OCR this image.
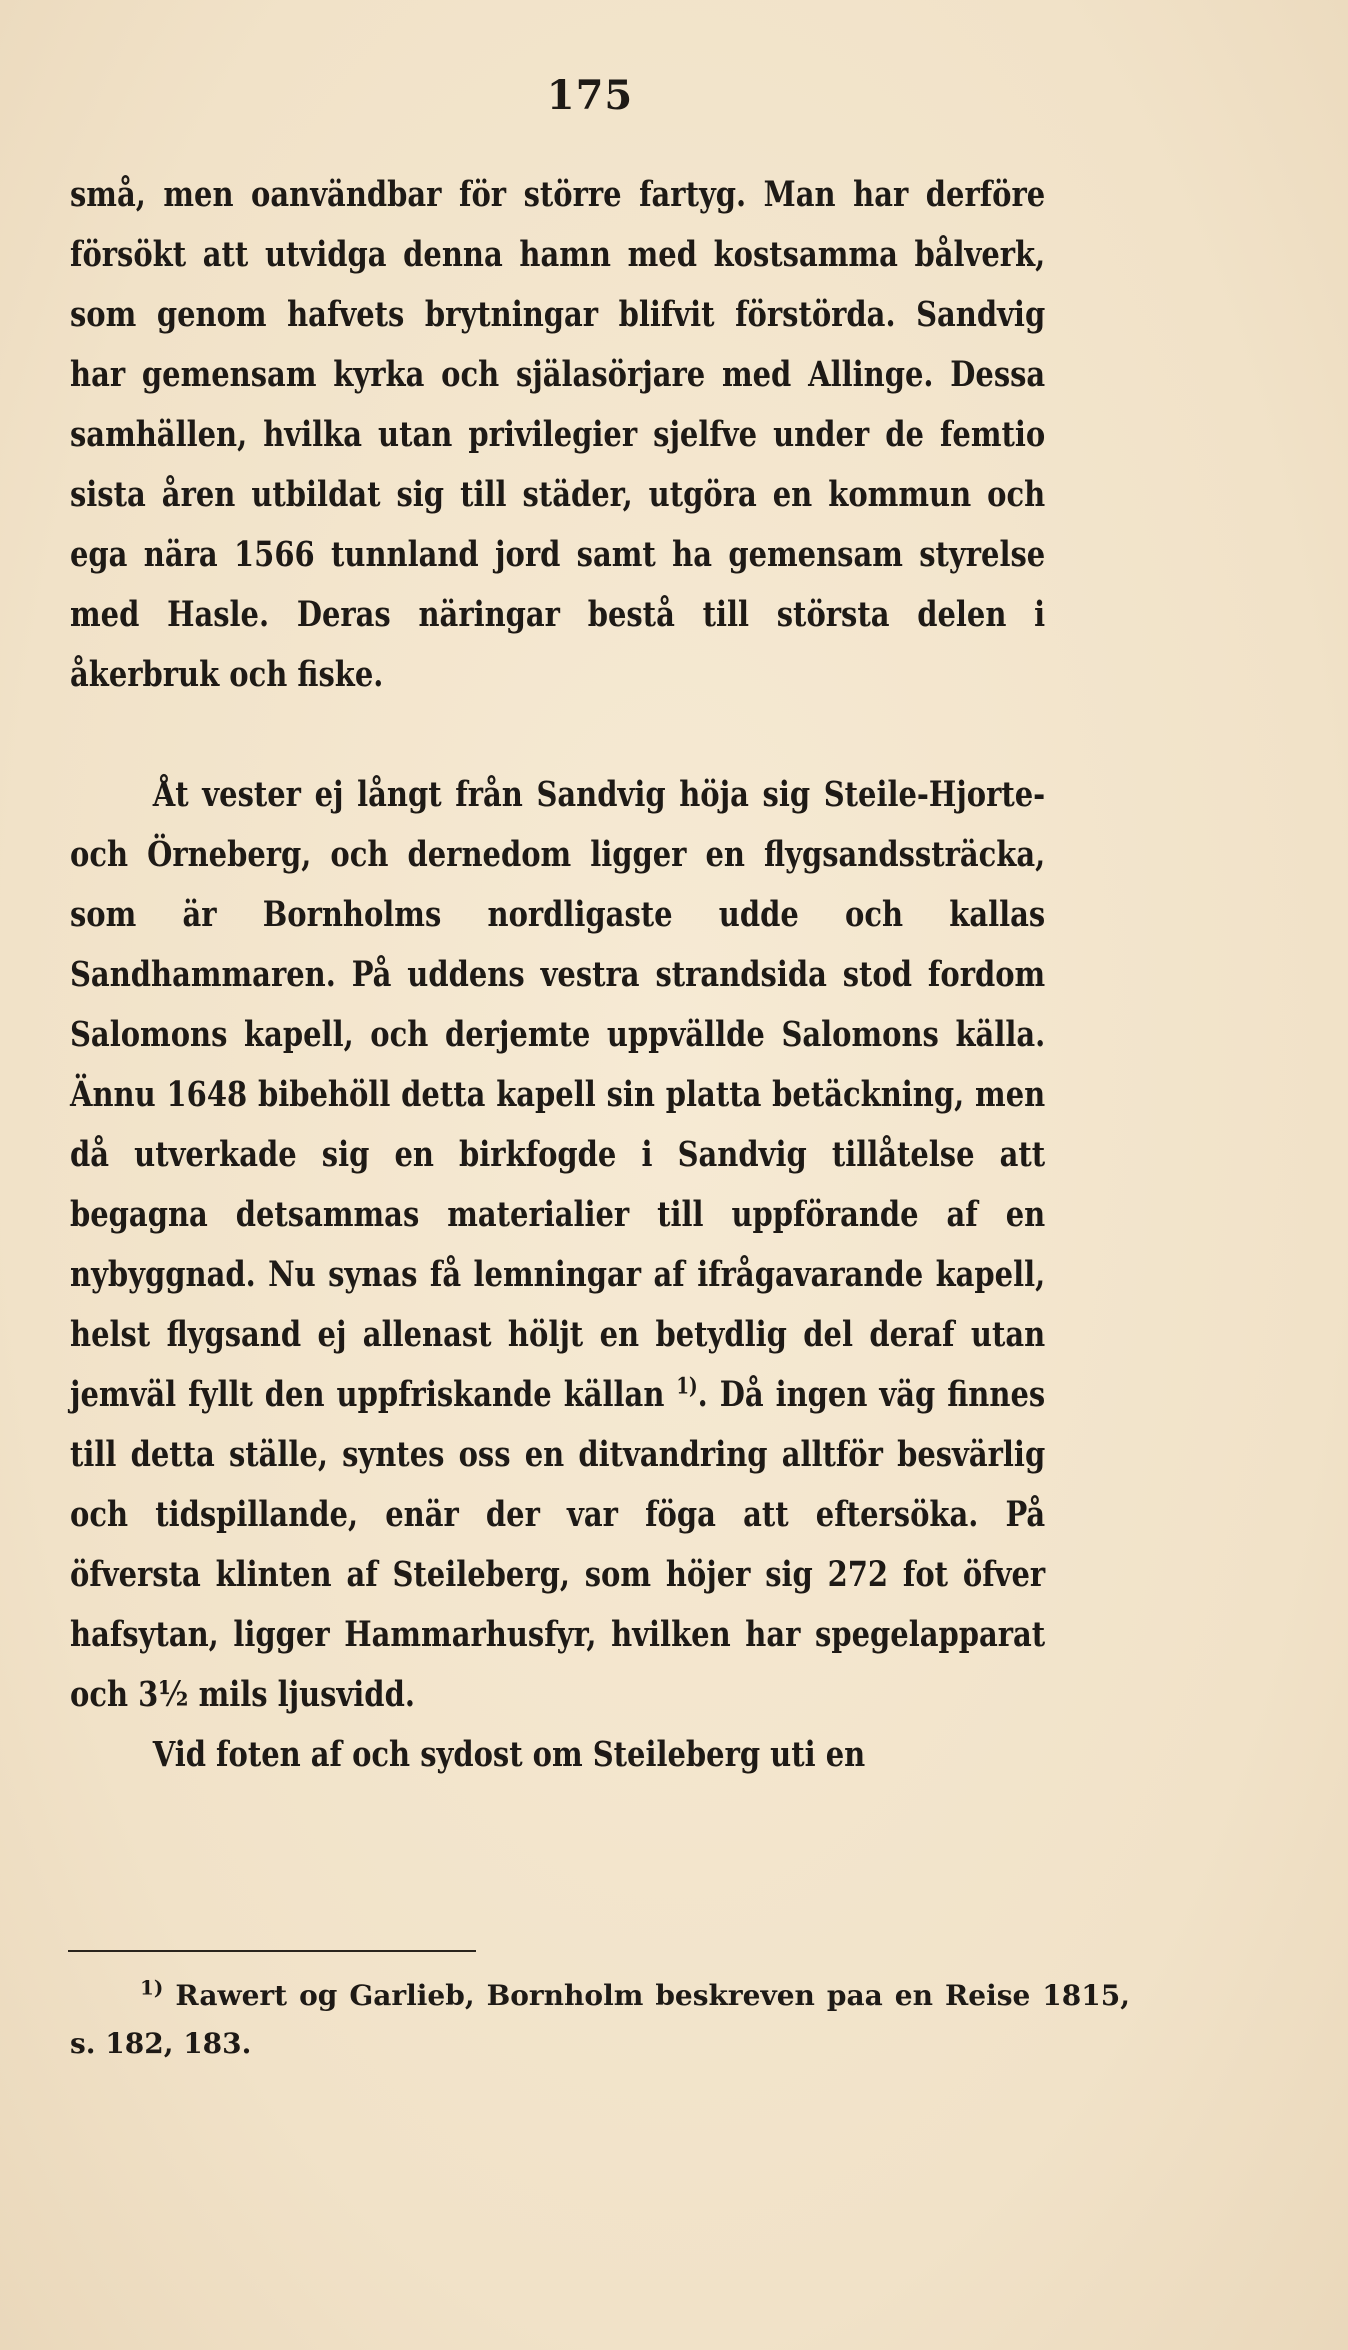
175

små, men oanvändbar för större fartyg. Man har derföre försökt att utvidga denna hamn med kostsamma bålverk, som genom hafvets brytningar blifvit förstörda. Sandvig har gemensam kyrka och själasörjare med Allinge. Dessa samhällen, hvilka utan privilegier sjelfve under de femtio sista åren utbildat sig till städer, utgöra en kommun och ega nära 1566 tunnland jord samt ha gemensam styrelse med Hasle. Deras näringar bestå till största delen i åkerbruk och fiske.

Åt vester ej långt från Sandvig höja sig Steile-Hjorte- och Örneberg, och dernedom ligger en flygsandssträcka, som är Bornholms nordligaste udde och kallas Sandhammaren. På uddens vestra strandsida stod fordom Salomons kapell, och derjemte uppvällde Salomons källa. Ännu 1648 bibehöll detta kapell sin platta betäckning, men då utverkade sig en birkfogde i Sandvig tillåtelse att begagna detsammas materialier till uppförande af en nybyggnad. Nu synas få lemningar af ifrågavarande kapell, helst flygsand ej allenast höljt en betydlig del deraf utan jemväl fyllt den uppfriskande källan $^{1)}$. Då ingen väg finnes till detta ställe, syntes oss en ditvandring alltför besvärlig och tidspillande, enär der var föga att eftersöka. På öfversta klinten af Steileberg, som höjer sig 272 fot öfver hafsytan, ligger Hammarhusfyr, hvilken har spegelapparat och 3½ mils ljusvidd.

Vid foten af och sydost om Steileberg uti en

$^{1)}$ Rawert og Garlieb, Bornholm beskreven paa en Reise 1815, s. 182, 183.
